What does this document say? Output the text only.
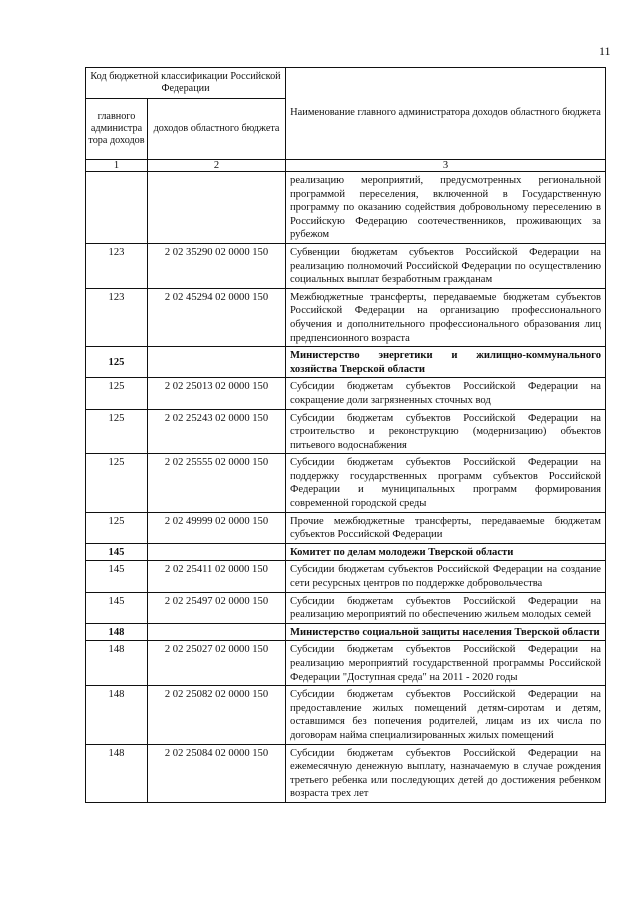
11
Код бюджетной классификации Российской Федерации		Наименование главного администратора доходов областного бюджета
главного администра тора доходов	доходов областного бюджета	
1	2	3
		реализацию мероприятий, предусмотренных региональной программой переселения, включенной в Государственную программу по оказанию содействия добровольному переселению в Российскую Федерацию соотечественников, проживающих за рубежом
123	2 02 35290 02 0000 150	Субвенции бюджетам субъектов Российской Федерации на реализацию полномочий Российской Федерации по осуществлению социальных выплат безработным гражданам
123	2 02 45294 02 0000 150	Межбюджетные трансферты, передаваемые бюджетам субъектов Российской Федерации на организацию профессионального обучения и дополнительного профессионального образования лиц предпенсионного возраста
125		Министерство энергетики и жилищно-коммунального хозяйства Тверской области
125	2 02 25013 02 0000 150	Субсидии бюджетам субъектов Российской Федерации на сокращение доли загрязненных сточных вод
125	2 02 25243 02 0000 150	Субсидии бюджетам субъектов Российской Федерации на строительство и реконструкцию (модернизацию) объектов питьевого водоснабжения
125	2 02 25555 02 0000 150	Субсидии бюджетам субъектов Российской Федерации на поддержку государственных программ субъектов Российской Федерации и муниципальных программ формирования современной городской среды
125	2 02 49999 02 0000 150	Прочие межбюджетные трансферты, передаваемые бюджетам субъектов Российской Федерации
145		Комитет по делам молодежи Тверской области
145	2 02 25411 02 0000 150	Субсидии бюджетам субъектов Российской Федерации на создание сети ресурсных центров по поддержке добровольчества
145	2 02 25497 02 0000 150	Субсидии бюджетам субъектов Российской Федерации на реализацию мероприятий по обеспечению жильем молодых семей
148		Министерство социальной защиты населения Тверской области
148	2 02 25027 02 0000 150	Субсидии бюджетам субъектов Российской Федерации на реализацию мероприятий государственной программы Российской Федерации "Доступная среда" на 2011 - 2020 годы
148	2 02 25082 02 0000 150	Субсидии бюджетам субъектов Российской Федерации на предоставление жилых помещений детям-сиротам и детям, оставшимся без попечения родителей, лицам из их числа по договорам найма специализированных жилых помещений
148	2 02 25084 02 0000 150	Субсидии бюджетам субъектов Российской Федерации на ежемесячную денежную выплату, назначаемую в случае рождения третьего ребенка или последующих детей до достижения ребенком возраста трех лет
